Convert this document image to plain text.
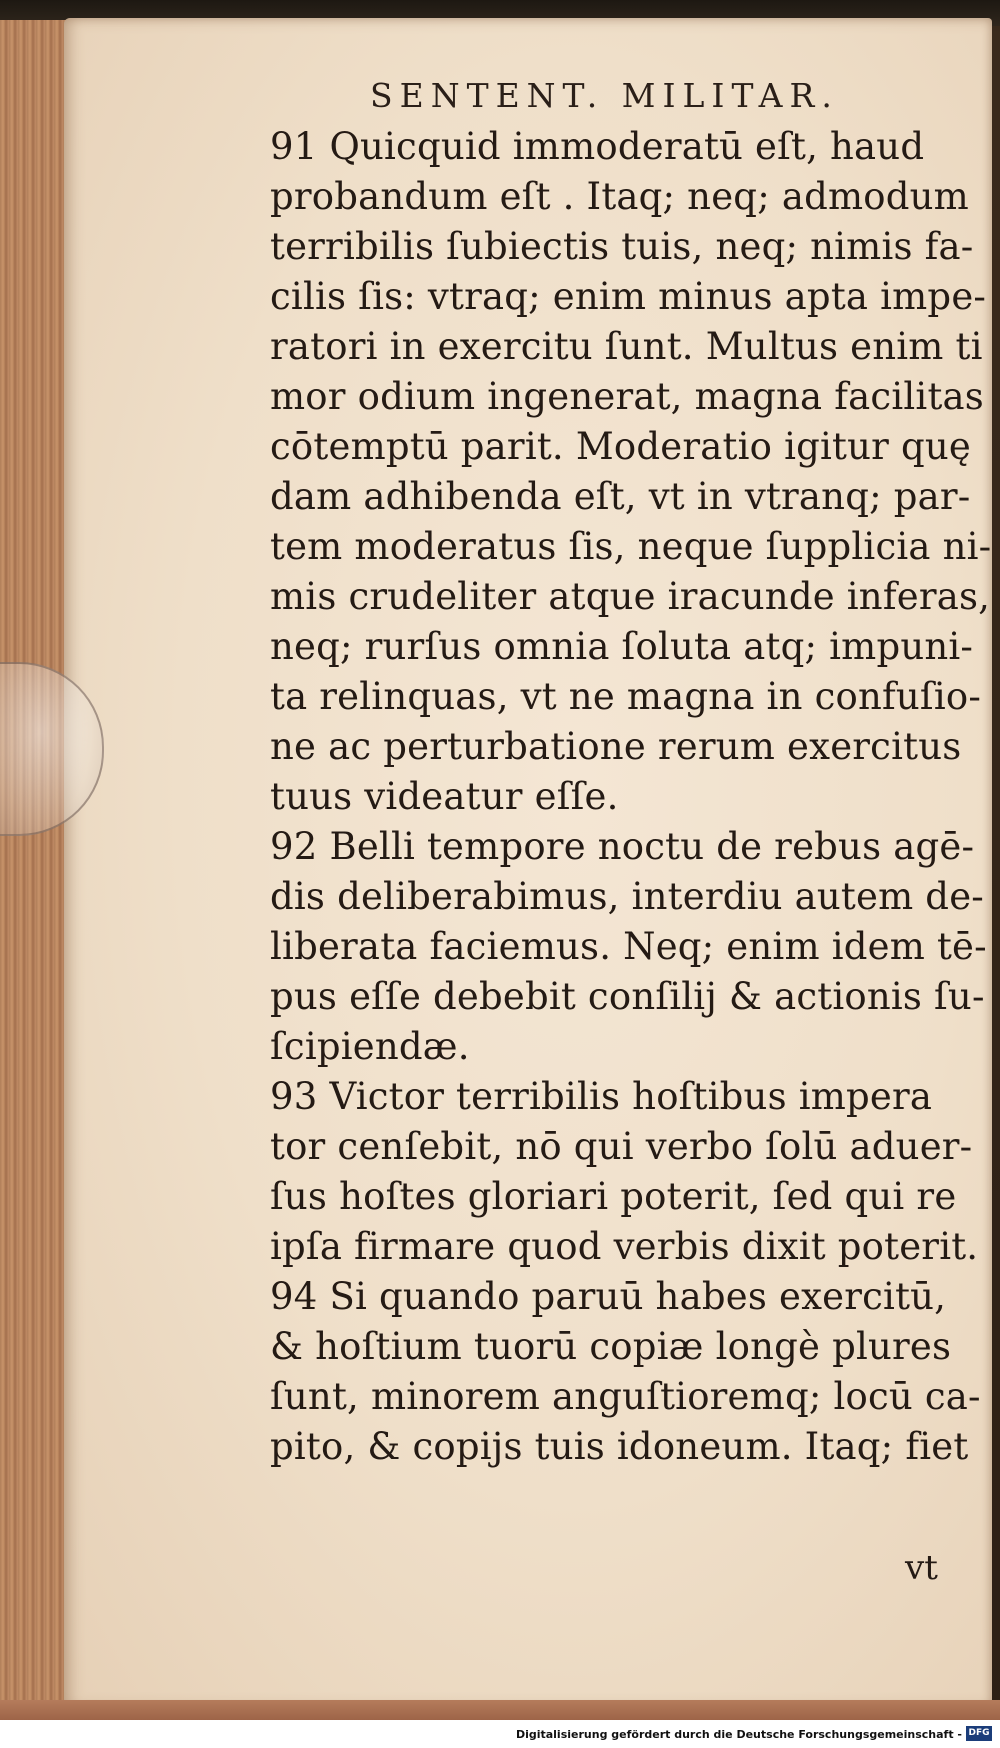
SENTENT. MILITAR.
91 Quicquid immoderatū eſt, haud
probandum eſt . Itaq; neq; admodum
terribilis ſubiectis tuis, neq; nimis fa-
cilis ſis: vtraq; enim minus apta impe-
ratori in exercitu ſunt. Multus enim ti
mor odium ingenerat, magna facilitas
cōtemptū parit. Moderatio igitur quę
dam adhibenda eſt, vt in vtranq; par-
tem moderatus ſis, neque ſupplicia ni-
mis crudeliter atque iracunde inferas,
neq; rurſus omnia ſoluta atq; impuni-
ta relinquas, vt ne magna in confuſio-
ne ac perturbatione rerum exercitus
tuus videatur eſſe.
92 Belli tempore noctu de rebus agē-
dis deliberabimus, interdiu autem de-
liberata faciemus. Neq; enim idem tē-
pus eſſe debebit conſilij & actionis ſu-
ſcipiendæ.
93 Victor terribilis hoſtibus impera
tor cenſebit, nō qui verbo ſolū aduer-
ſus hoſtes gloriari poterit, ſed qui re
ipſa firmare quod verbis dixit poterit.
94 Si quando paruū habes exercitū,
& hoſtium tuorū copiæ longè plures
ſunt, minorem anguſtioremq; locū ca-
pito, & copijs tuis idoneum. Itaq; fiet
vt
Digitalisierung gefördert durch die Deutsche Forschungsgemeinschaft - DFG
